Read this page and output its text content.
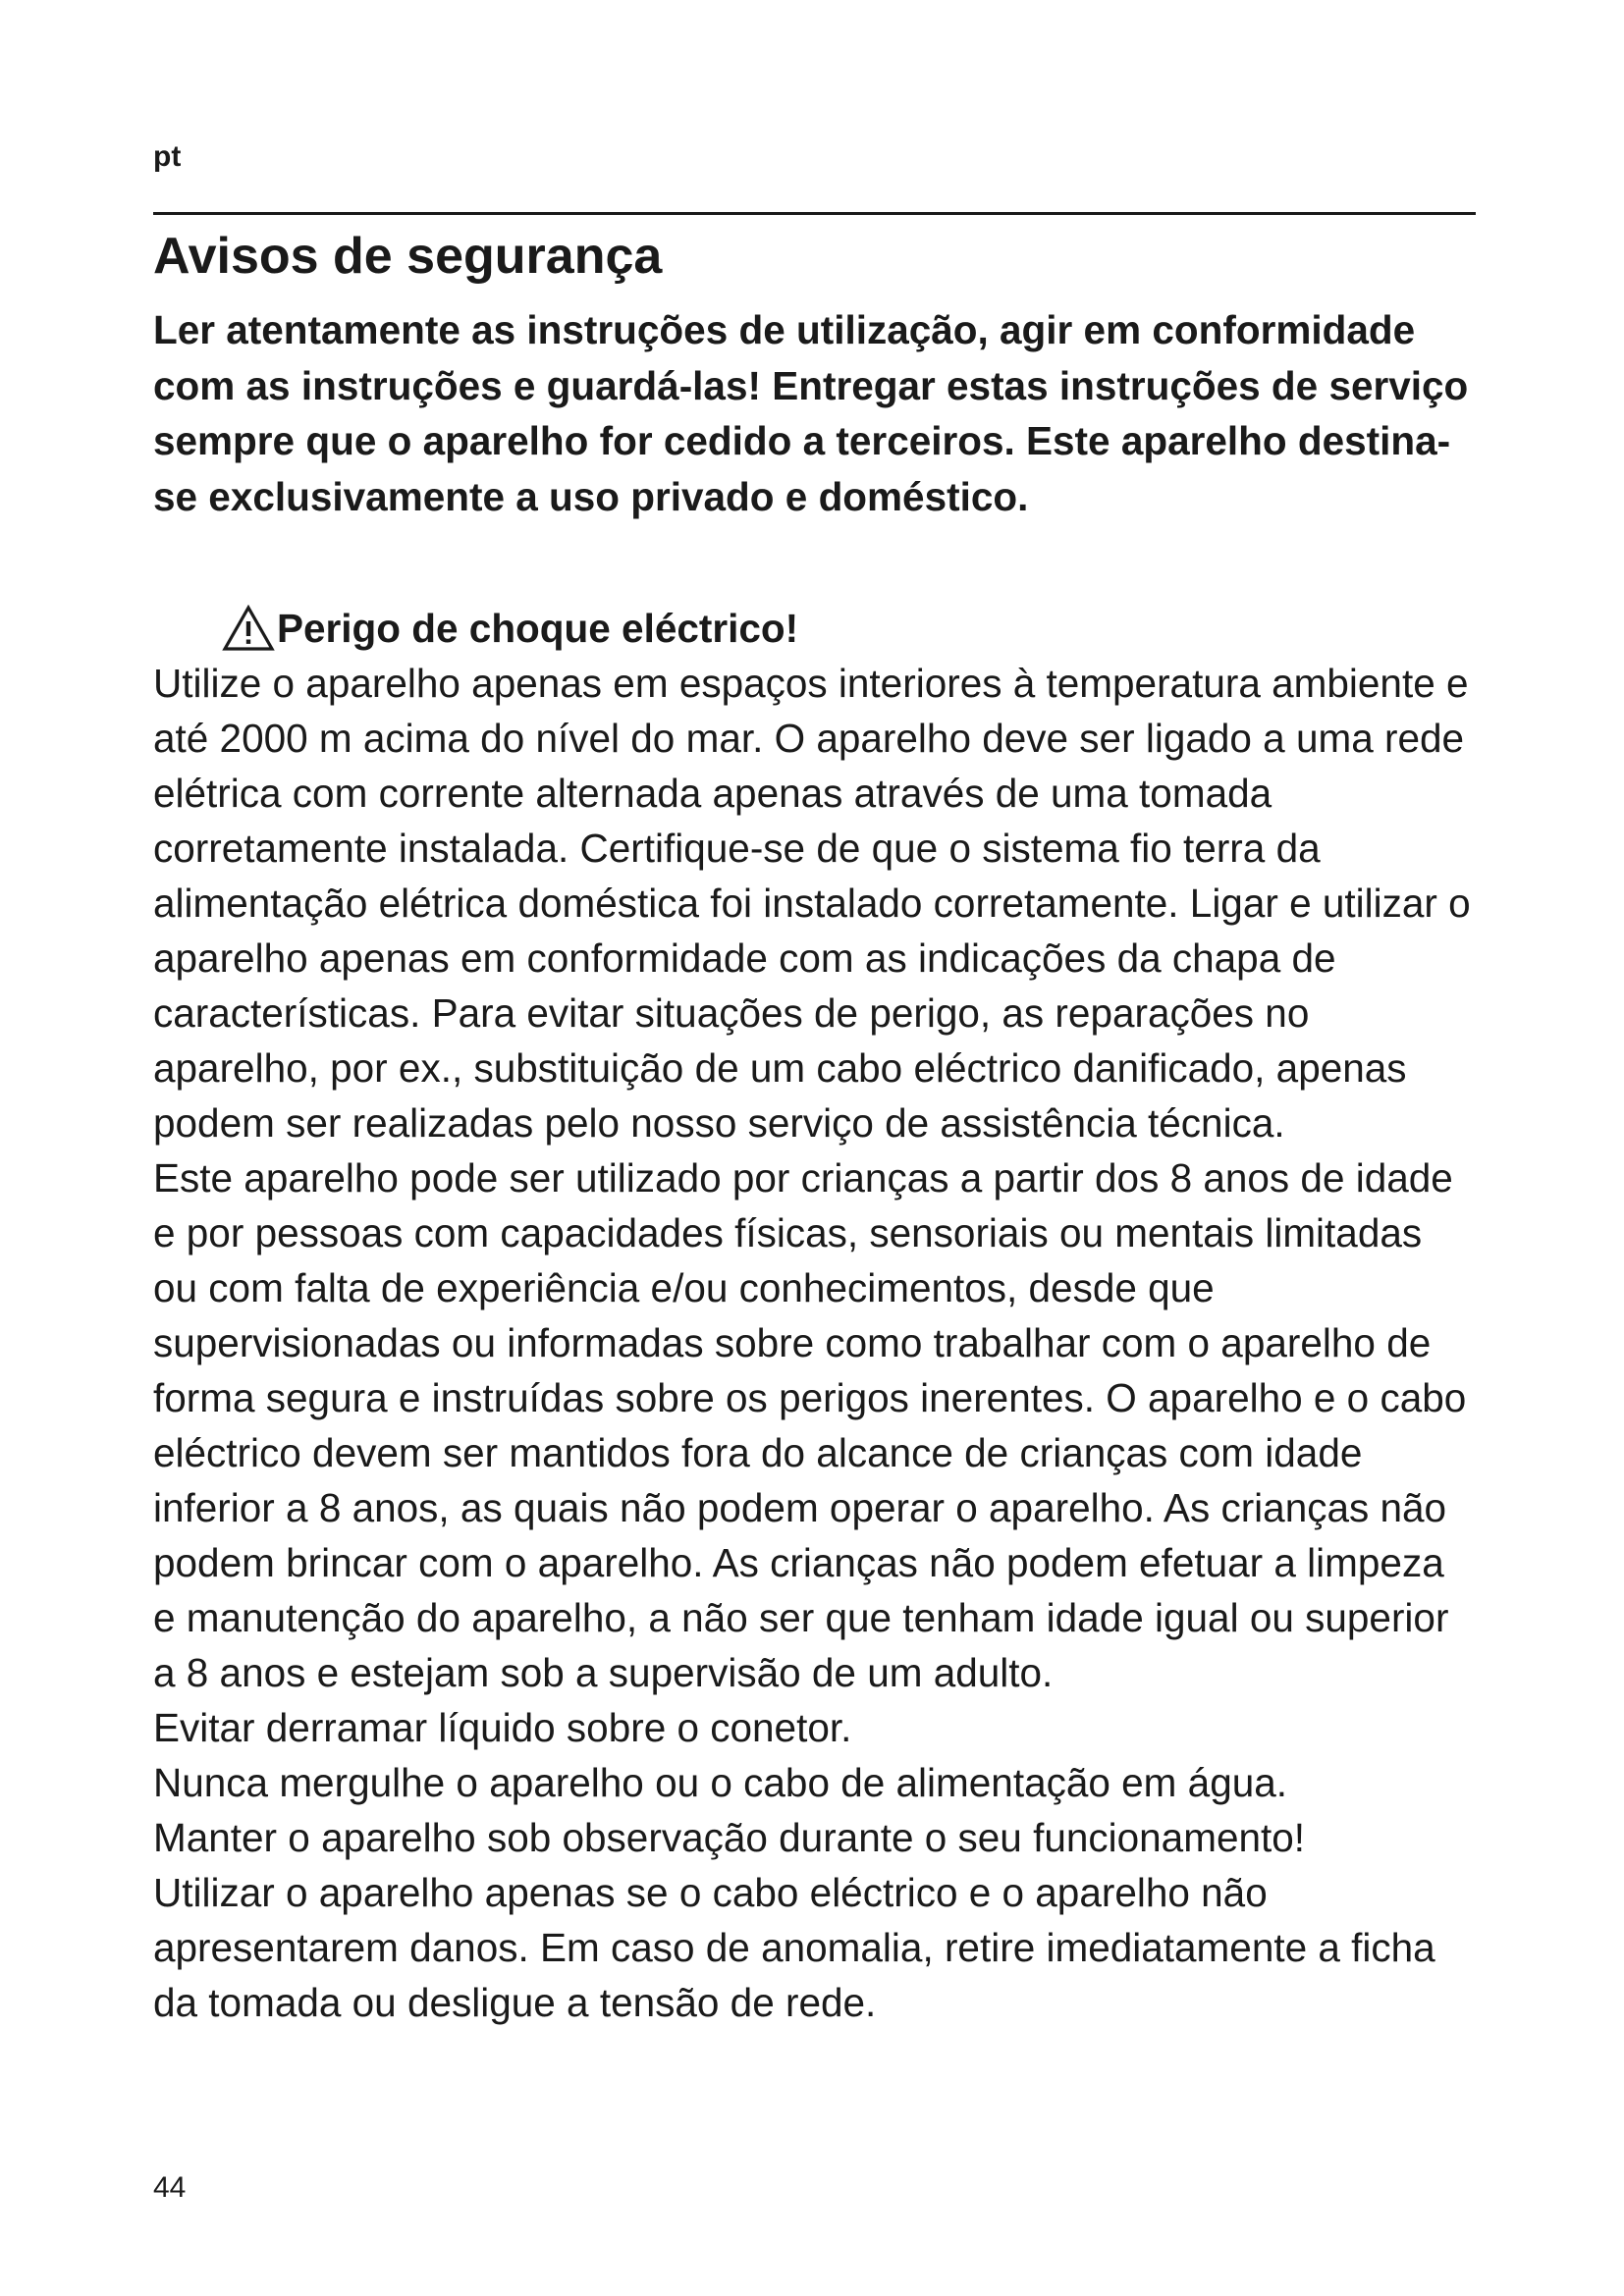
pt
Avisos de segurança

Ler atentamente as instruções de utilização, agir em conformidade com as instruções e guardá-las! Entregar estas instruções de serviço sempre que o aparelho for cedido a terceiros. Este aparelho destina-se exclusivamente a uso privado e doméstico.

Perigo de choque eléctrico!

Utilize o aparelho apenas em espaços interiores à temperatura ambiente e até 2000 m acima do nível do mar. O aparelho deve ser ligado a uma rede elétrica com corrente alternada apenas através de uma tomada corretamente instalada. Certifique-se de que o sistema fio terra da alimentação elétrica doméstica foi instalado corretamente. Ligar e utilizar o aparelho apenas em conformidade com as indicações da chapa de características. Para evitar situações de perigo, as reparações no aparelho, por ex., substituição de um cabo eléctrico danificado, apenas podem ser realizadas pelo nosso serviço de assistência técnica.

Este aparelho pode ser utilizado por crianças a partir dos 8 anos de idade e por pessoas com capacidades físicas, sensoriais ou mentais limitadas ou com falta de experiência e/ou conhecimentos, desde que supervisionadas ou informadas sobre como trabalhar com o aparelho de forma segura e instruídas sobre os perigos inerentes. O aparelho e o cabo eléctrico devem ser mantidos fora do alcance de crianças com idade inferior a 8 anos, as quais não podem operar o aparelho. As crianças não podem brincar com o aparelho. As crianças não podem efetuar a limpeza e manutenção do aparelho, a não ser que tenham idade igual ou superior a 8 anos e estejam sob a supervisão de um adulto.

Evitar derramar líquido sobre o conetor.

Nunca mergulhe o aparelho ou o cabo de alimentação em água.

Manter o aparelho sob observação durante o seu funcionamento!

Utilizar o aparelho apenas se o cabo eléctrico e o aparelho não apresentarem danos. Em caso de anomalia, retire imediatamente a ficha da tomada ou desligue a tensão de rede.

44
